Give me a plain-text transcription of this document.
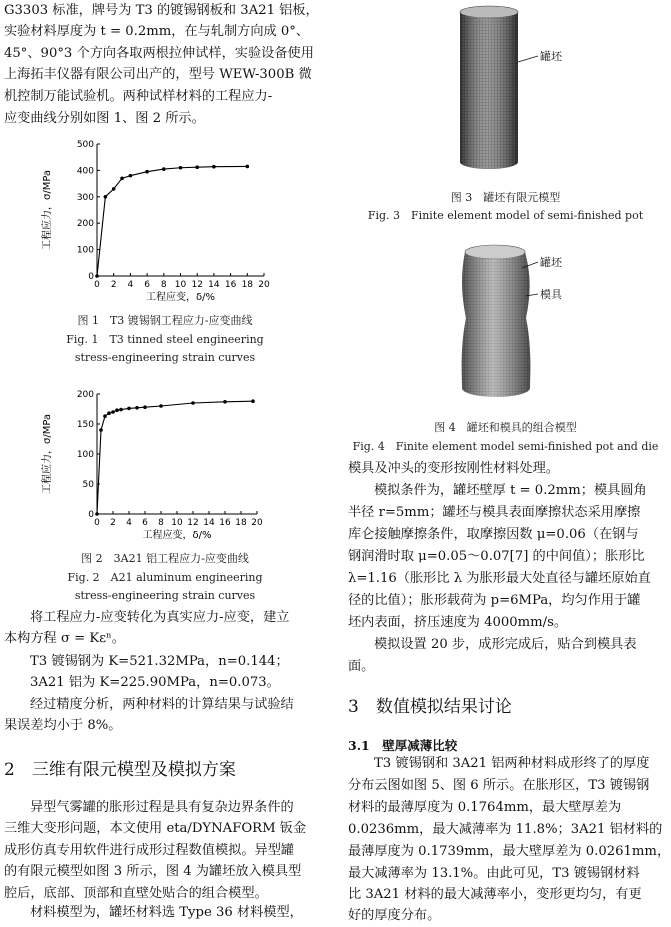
G3303 标准，牌号为 T3 的镀锡钢板和 3A21 铝板，

实验材料厚度为 t = 0.2mm，在与轧制方向成 0°、

45°、90°3 个方向各取两根拉伸试样，实验设备使用

上海拓丰仪器有限公司出产的，型号 WEW-300B 微

机控制万能试验机。两种试样材料的工程应力-

应变曲线分别如图 1、图 2 所示。

0 2 4 6 8 10 12 14 16 18 20
0
100
200
300
400
500
工程应变，δ/%
工程应力，σ/MPa
图 1　T3 镀锡钢工程应力-应变曲线
Fig. 1　T3 tinned steel engineering
stress-engineering strain curves
0 2 4 6 8 10 12 14 16 18 20
0
50
100
150
200
工程应变，δ/%
工程应力，σ/MPa
图 2　3A21 铝工程应力-应变曲线
Fig. 2　A21 aluminum engineering
stress-engineering strain curves

将工程应力-应变转化为真实应力-应变，建立

本构方程 σ = Kεⁿ。

T3 镀锡钢为 K=521.32MPa，n=0.144；

3A21 铝为 K=225.90MPa，n=0.073。

经过精度分析，两种材料的计算结果与试验结

果误差均小于 8%。

2　三维有限元模型及模拟方案

异型气雾罐的胀形过程是具有复杂边界条件的

三维大变形问题，本文使用 eta/DYNAFORM 钣金

成形仿真专用软件进行成形过程数值模拟。异型罐

的有限元模型如图 3 所示，图 4 为罐坯放入模具型

腔后，底部、顶部和直壁处贴合的组合模型。

材料模型为，罐坯材料选 Type 36 材料模型，

罐坯
图 3　罐坯有限元模型
Fig. 3　Finite element model of semi-finished pot
罐坯
模具
图 4　罐坯和模具的组合模型
Fig. 4　Finite element model semi-finished pot and die

模具及冲头的变形按刚性材料处理。

模拟条件为，罐坯壁厚 t = 0.2mm；模具圆角

半径 r=5mm；罐坯与模具表面摩擦状态采用摩擦

库仑接触摩擦条件，取摩擦因数 μ=0.06（在钢与

钢润滑时取 μ=0.05～0.07[7] 的中间值）；胀形比

λ=1.16（胀形比 λ 为胀形最大处直径与罐坯原始直

径的比值）；胀形载荷为 p=6MPa，均匀作用于罐

坯内表面，挤压速度为 4000mm/s。

模拟设置 20 步，成形完成后，贴合到模具表

面。

3　数值模拟结果讨论
3.1　壁厚减薄比较

T3 镀锡钢和 3A21 铝两种材料成形终了的厚度

分布云图如图 5、图 6 所示。在胀形区，T3 镀锡钢

材料的最薄厚度为 0.1764mm，最大壁厚差为

0.0236mm，最大减薄率为 11.8%；3A21 铝材料的

最薄厚度为 0.1739mm，最大壁厚差为 0.0261mm，

最大减薄率为 13.1%。由此可见，T3 镀锡钢材料

比 3A21 材料的最大减薄率小，变形更均匀，有更

好的厚度分布。
